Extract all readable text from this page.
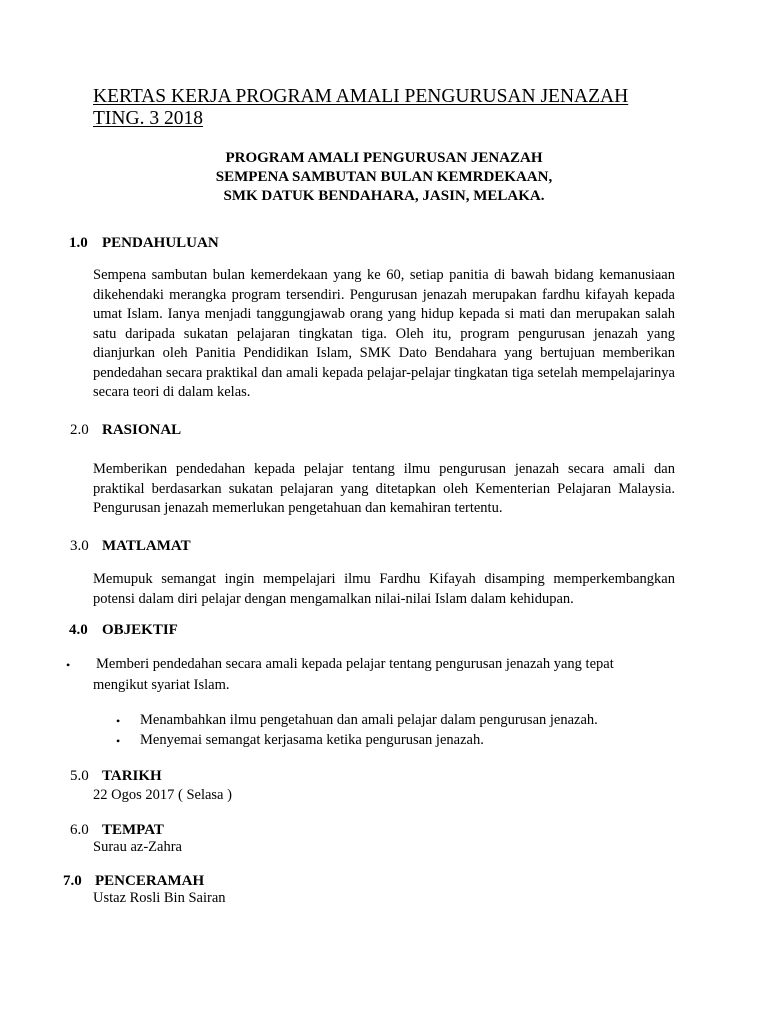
KERTAS KERJA PROGRAM AMALI PENGURUSAN JENAZAH
TING. 3 2018
PROGRAM AMALI PENGURUSAN JENAZAH
SEMPENA SAMBUTAN BULAN KEMRDEKAAN,
SMK DATUK BENDAHARA, JASIN, MELAKA.
1.0 PENDAHULUAN
Sempena sambutan bulan kemerdekaan yang ke 60, setiap panitia di bawah bidang kemanusiaan dikehendaki merangka program tersendiri. Pengurusan jenazah merupakan fardhu kifayah kepada umat Islam. Ianya menjadi tanggungjawab orang yang hidup kepada si mati dan merupakan salah satu daripada sukatan pelajaran tingkatan tiga. Oleh itu, program pengurusan jenazah yang dianjurkan oleh Panitia Pendidikan Islam, SMK Dato Bendahara yang bertujuan memberikan pendedahan secara praktikal dan amali kepada pelajar-pelajar tingkatan tiga setelah mempelajarinya secara teori di dalam kelas.
2.0 RASIONAL
Memberikan pendedahan kepada pelajar tentang ilmu pengurusan jenazah secara amali dan praktikal berdasarkan sukatan pelajaran yang ditetapkan oleh Kementerian Pelajaran Malaysia. Pengurusan jenazah memerlukan pengetahuan dan kemahiran tertentu.
3.0 MATLAMAT
Memupuk semangat ingin mempelajari ilmu Fardhu Kifayah disamping memperkembangkan potensi dalam diri pelajar dengan mengamalkan nilai-nilai Islam dalam kehidupan.
4.0 OBJEKTIF
• Memberi pendedahan secara amali kepada pelajar tentang pengurusan jenazah yang tepat
mengikut syariat Islam.
• Menambahkan ilmu pengetahuan dan amali pelajar dalam pengurusan jenazah.
• Menyemai semangat kerjasama ketika pengurusan jenazah.
5.0 TARIKH
22 Ogos 2017 ( Selasa )
6.0 TEMPAT
Surau az-Zahra
7.0 PENCERAMAH
Ustaz Rosli Bin Sairan
